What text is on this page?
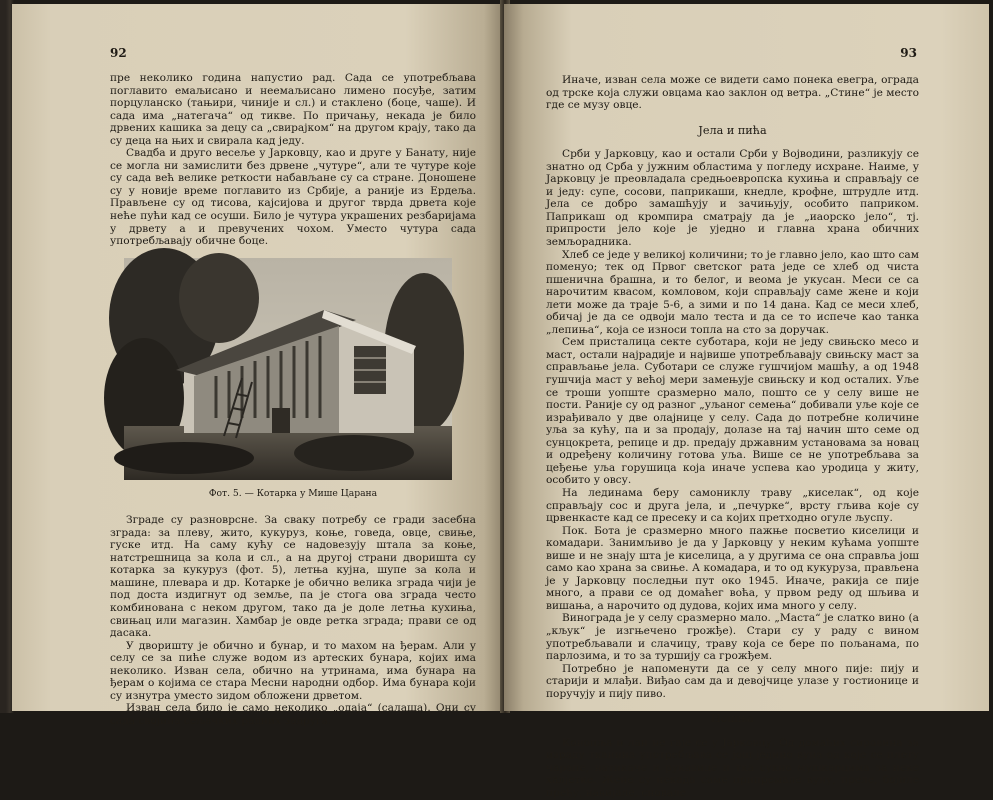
92

пре неколико година напустио рад. Сада се употребљава поглавито емаљисано и неемаљисано лимено посуђе, затим порцуланско (тањири, чиније и сл.) и стаклено (боце, чаше). И сада има „натегача“ од тикве. По причању, некада је било дрвених кашика за децу са „свирајком“ на другом крају, тако да су деца на њих и свирала кад једу.

Свадба и друго весеље у Јарковцу, као и друге у Банату, није се могла ни замислити без дрвене „чутуре“, али те чутуре које су сада већ велике реткости набављане су са стране. Доношене су у новије време поглавито из Србије, а раније из Ердеља. Прављене су од тисова, кајсијова и другог тврда дрвета које неће пући кад се осуши. Било је чутура украшених резбаријама у дрвету а и превучених чохом. Уместо чутура сада употребљавају обичне боце.

Фот. 5. — Котарка у Мише Царана

Зграде су разноврсне. За сваку потребу се гради засебна зграда: за плеву, жито, кукуруз, коње, говеда, овце, свиње, гуске итд. На саму кућу се надовезују штала за коње, натстрешница за кола и сл., а на другој страни дворишта су котарка за кукуруз (фот. 5), летња кујна, шупе за кола и машине, плевара и др. Котарке је обично велика зграда чији је под доста издигнут од земље, па је стога ова зграда често комбинована с неком другом, тако да је доле летња кухиња, свињац или магазин. Хамбар је овде ретка зграда; прави се од дасака.

У дворишту је обично и бунар, и то махом на ђерам. Али у селу се за пиће служе водом из артеских бунара, којих има неколико. Изван села, обично на утринама, има бунара на ђерам о којима се стара Месни народни одбор. Има бунара који су изнутра уместо зидом обложени дрветом.

Изван села било је само неколико „одаја“ (салаша). Они су сада својина сељачких радних задруга.

93

Иначе, изван села може се видети само понека евегра, ограда од трске која служи овцама као заклон од ветра. „Стине“ је место где се музу овце.

Јела и пића

Срби у Јарковцу, као и остали Срби у Војводини, разликују се знатно од Срба у јужним областима у погледу исхране. Наиме, у Јарковцу је преовладала средњоевропска кухиња и справљају се и једу: супе, сосови, паприкаши, кнедле, крофне, штрудле итд. Јела се добро замашћују и зачињују, особито паприком. Паприкаш од кромпира сматрају да је „иаорско јело“, тј. припрости јело које је уједно и главна храна обичних земљорадника.

Хлеб се једе у великој количини; то је главно јело, као што сам поменуо; тек од Првог светског рата једе се хлеб од чиста пшенична брашна, и то белог, и веома је укусан. Меси се са нарочитим квасом, комловом, који справљају саме жене и који лети може да траје 5-6, а зими и по 14 дана. Кад се меси хлеб, обичај је да се одвоји мало теста и да се то испече као танка „лепиња“, која се износи топла на сто за доручак.

Сем присталица секте суботара, који не једу свињско месо и маст, остали најрадије и највише употребљавају свињску маст за справљање јела. Суботари се служе гушчијом машћу, а од 1948 гушчија маст у већој мери замењује свињску и код осталих. Уље се троши уопште сразмерно мало, пошто се у селу више не пости. Раније су од разног „уљаног семења“ добивали уље које се израђивало у две олајнице у селу. Сада до потребне количине уља за кућу, па и за продају, долазе на тај начин што семе од сунцокрета, репице и др. предају државним установама за новац и одређену количину готова уља. Више се не употребљава за цеђење уља горушица која иначе успева као уродица у житу, особито у овсу.

На лединама беру самониклу траву „киселак“, од које справљају сос и друга јела, и „печурке“, врсту гљива које су црвенкасте кад се пресеку и са којих претходно огуле љуспу.

Пок. Бота је сразмерно много пажње посветио киселици и комадари. Занимљиво је да у Јарковцу у неким кућама уопште више и не знају шта је киселица, а у другима се она справљa још само као храна за свиње. А комадара, и то од кукуруза, прављена је у Јарковцу последњи пут око 1945. Иначе, ракија се пије много, а прави се од домаћег воћа, у првом реду од шљива и вишања, а нарочито од дудова, којих има много у селу.

Винограда је у селу сразмерно мало. „Маста“ је слатко вино (а „кљук“ је изгњечено грожђе). Стари су у раду с вином употребљавали и слачицу, траву која се бере по пољанама, по парлозима, и то за туршију са грожђем.

Потребно је напоменути да се у селу много пије: пију и старији и млађи. Виђао сам да и девојчице улазе у гостионице и поручују и пију пиво.

Ношња

Конопља и лан не гаје се у Јарковцу. Од домаћих сировина за израду тканина употребљава се још једино вуна од које се плету чарапе, натикаче и рукавице и тка сукно мушкарцима за неке халјетке. Жене су некада саме припремале вуну, преле, бојиле пређу, навијале, сновале
